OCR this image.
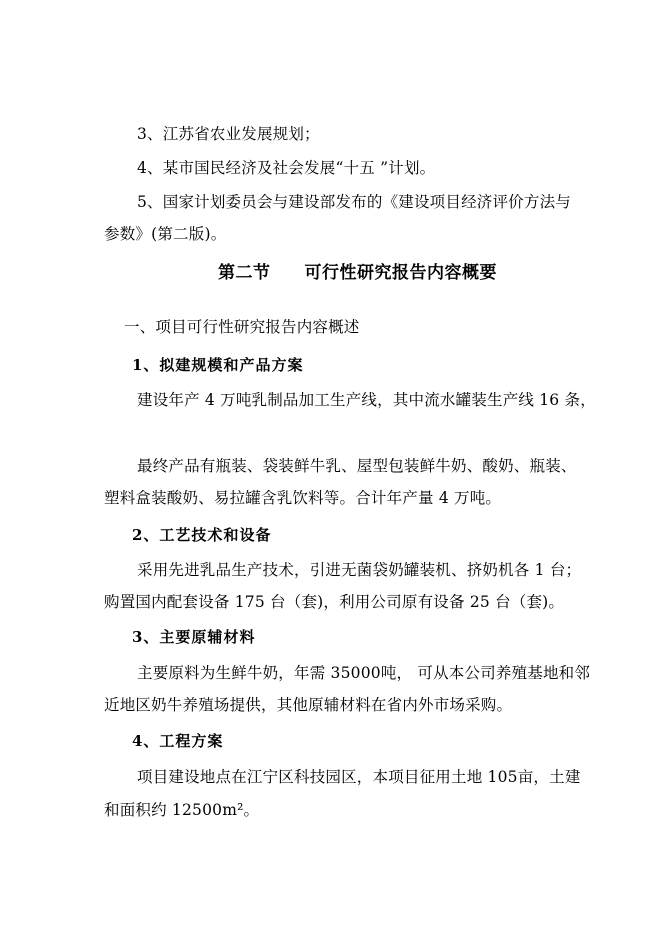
3、江苏省农业发展规划；
4、某市国民经济及社会发展“十五 ”计划。
5、国家计划委员会与建设部发布的《建设项目经济评价方法与
参数》(第二版)。
第二节 可行性研究报告内容概要
一、项目可行性研究报告内容概述
1、拟建规模和产品方案
建设年产 4 万吨乳制品加工生产线，其中流水罐装生产线 16 条，
最终产品有瓶装、袋装鲜牛乳、屋型包装鲜牛奶、酸奶、瓶装、
塑料盒装酸奶、易拉罐含乳饮料等。合计年产量 4 万吨。
2、工艺技术和设备
采用先进乳品生产技术，引进无菌袋奶罐装机、挤奶机各 1 台；
购置国内配套设备 175 台（套)，利用公司原有设备 25 台（套)。
3、主要原辅材料
主要原料为生鲜牛奶，年需 35000吨， 可从本公司养殖基地和邻
近地区奶牛养殖场提供，其他原辅材料在省内外市场采购。
4、工程方案
项目建设地点在江宁区科技园区，本项目征用土地 105亩，土建
和面积约 12500m²。
